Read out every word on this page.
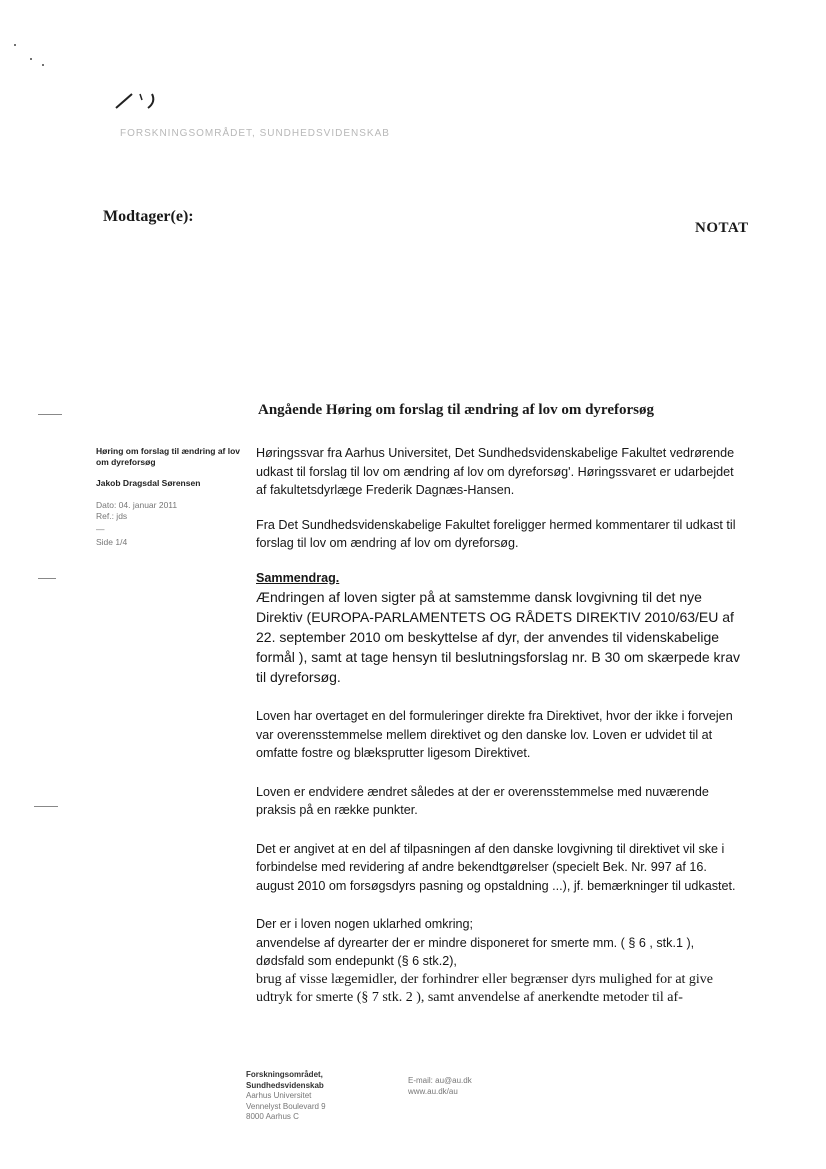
FORSKNINGSOMRÅDET, SUNDHEDSVIDENSKAB
Modtager(e):
NOTAT
Angående Høring om forslag til ændring af lov om dyreforsøg

Høring om forslag til ændring af lov om dyreforsøg

Jakob Dragsdal Sørensen

Dato: 04. januar 2011

Ref.: jds

—

Side 1/4

Høringssvar fra Aarhus Universitet, Det Sundhedsvidenskabelige Fakultet vedrørende udkast til forslag til lov om ændring af lov om dyreforsøg'. Høringssvaret er udarbejdet af fakultetsdyrlæge Frederik Dagnæs-Hansen.

Fra Det Sundhedsvidenskabelige Fakultet foreligger hermed kommentarer til udkast til forslag til lov om ændring af lov om dyreforsøg.

Sammendrag.

Ændringen af loven sigter på at samstemme dansk lovgivning til det nye Direktiv (EUROPA-PARLAMENTETS OG RÅDETS DIREKTIV 2010/63/EU af 22. september 2010 om beskyttelse af dyr, der anvendes til videnskabelige formål ), samt at tage hensyn til beslutningsforslag nr. B 30 om skærpede krav til dyreforsøg.

Loven har overtaget en del formuleringer direkte fra Direktivet, hvor der ikke i forvejen var overensstemmelse mellem direktivet og den danske lov. Loven er udvidet til at omfatte fostre og blæksprutter ligesom Direktivet.

Loven er endvidere ændret således at der er overensstemmelse med nuværende praksis på en række punkter.

Det er angivet at en del af tilpasningen af den danske lovgivning til direktivet vil ske i forbindelse med revidering af andre bekendtgørelser (specielt Bek. Nr. 997 af 16. august 2010 om forsøgsdyrs pasning og opstaldning ...), jf. bemærkninger til udkastet.

Der er i loven nogen uklarhed omkring;

anvendelse af dyrearter der er mindre disponeret for smerte mm. ( § 6 , stk.1 ),

dødsfald som endepunkt (§ 6 stk.2),

brug af visse lægemidler, der forhindrer eller begrænser dyrs mulighed for at give udtryk for smerte (§ 7 stk. 2 ), samt anvendelse af anerkendte metoder til af-

Forskningsområdet,

Sundhedsvidenskab

Aarhus Universitet

Vennelyst Boulevard 9

8000 Aarhus C

E-mail: au@au.dk

www.au.dk/au
